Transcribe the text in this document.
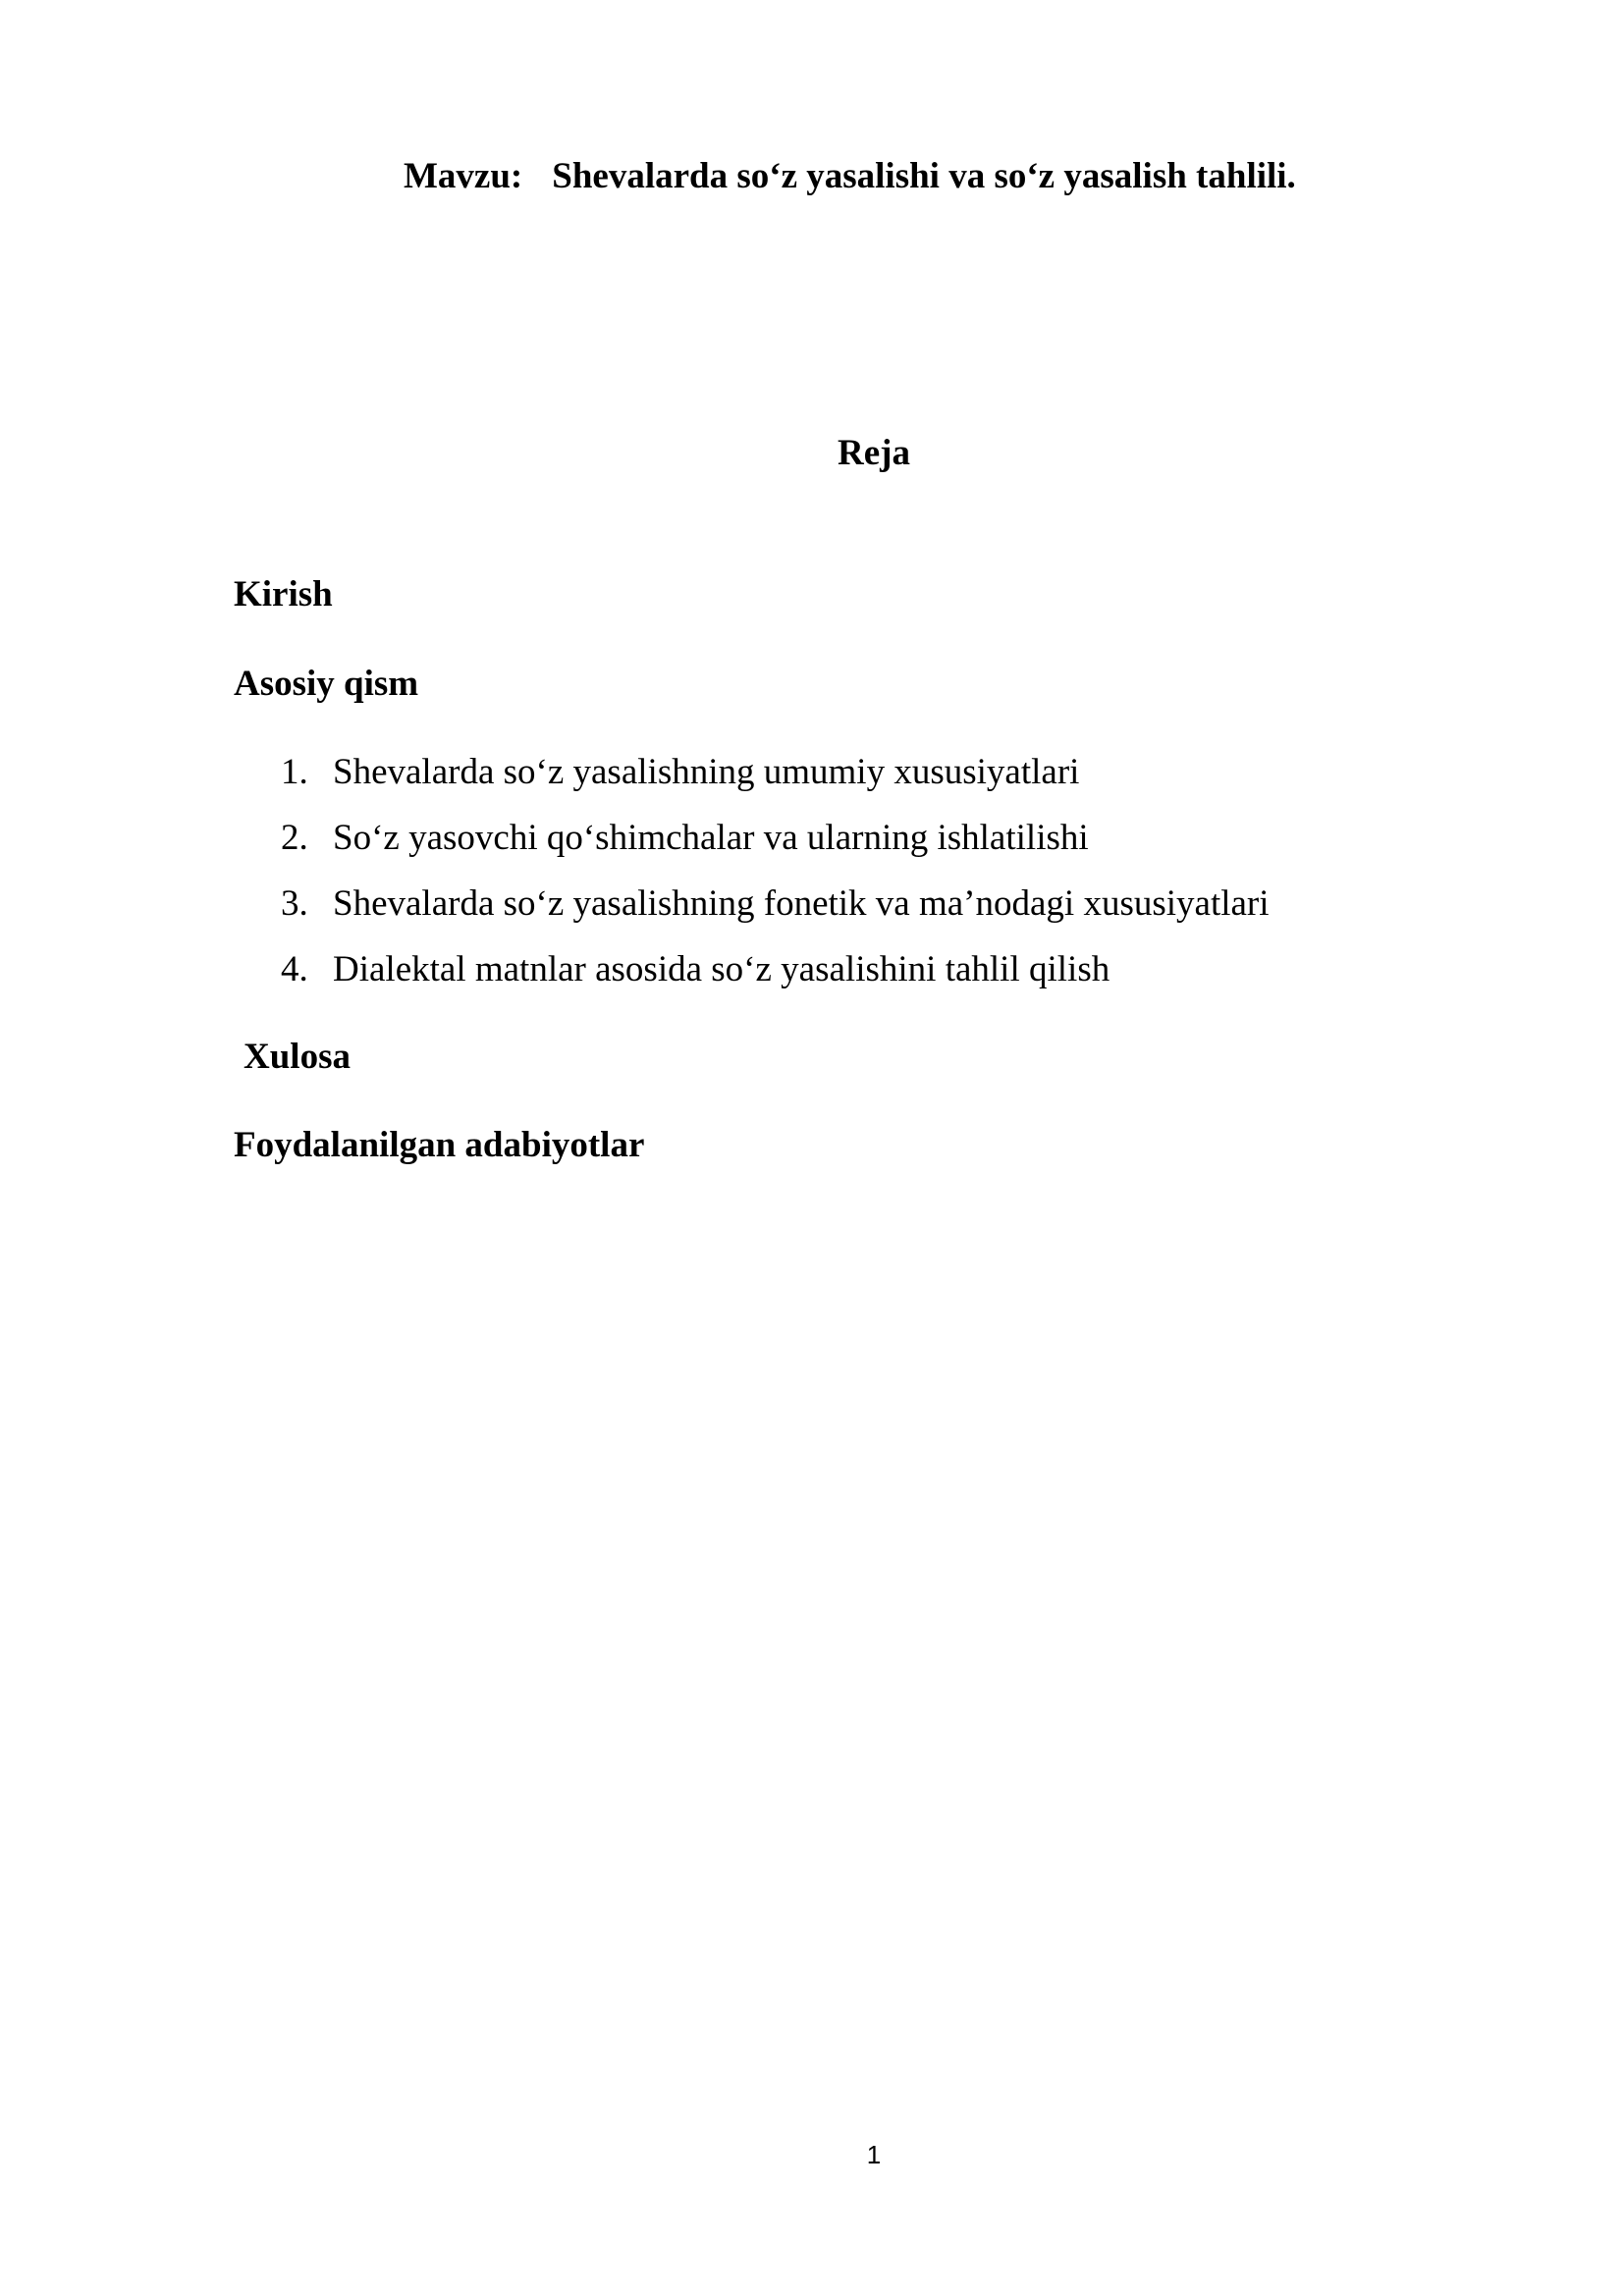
Mavzu: Shevalarda so‘z yasalishi va so‘z yasalish tahlili.
Reja
Kirish
Asosiy qism
1. Shevalarda so‘z yasalishning umumiy xususiyatlari
2. So‘z yasovchi qo‘shimchalar va ularning ishlatilishi
3. Shevalarda so‘z yasalishning fonetik va ma’nodagi xususiyatlari
4. Dialektal matnlar asosida so‘z yasalishini tahlil qilish
Xulosa
Foydalanilgan adabiyotlar
1
